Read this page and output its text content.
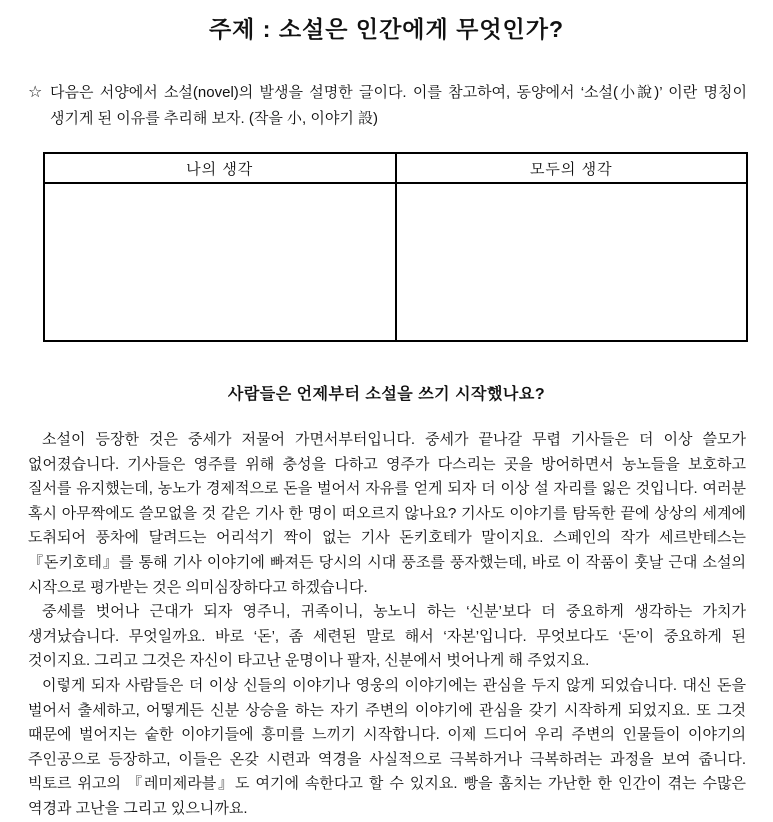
주제 : 소설은 인간에게 무엇인가?
☆ 다음은 서양에서 소설(novel)의 발생을 설명한 글이다. 이를 참고하여, 동양에서 ‘소설(小說)’ 이란 명칭이 생기게 된 이유를 추리해 보자. (작을 小, 이야기 設)
나의 생각	모두의 생각

사람들은 언제부터 소설을 쓰기 시작했나요?

소설이 등장한 것은 중세가 저물어 가면서부터입니다. 중세가 끝나갈 무렵 기사들은 더 이상 쓸모가 없어졌습니다. 기사들은 영주를 위해 충성을 다하고 영주가 다스리는 곳을 방어하면서 농노들을 보호하고 질서를 유지했는데, 농노가 경제적으로 돈을 벌어서 자유를 얻게 되자 더 이상 설 자리를 잃은 것입니다. 여러분 혹시 아무짝에도 쓸모없을 것 같은 기사 한 명이 떠오르지 않나요? 기사도 이야기를 탐독한 끝에 상상의 세계에 도취되어 풍차에 달려드는 어리석기 짝이 없는 기사 돈키호테가 말이지요. 스페인의 작가 세르반테스는 『돈키호테』를 통해 기사 이야기에 빠져든 당시의 시대 풍조를 풍자했는데, 바로 이 작품이 훗날 근대 소설의 시작으로 평가받는 것은 의미심장하다고 하겠습니다.

중세를 벗어나 근대가 되자 영주니, 귀족이니, 농노니 하는 ‘신분’보다 더 중요하게 생각하는 가치가 생겨났습니다. 무엇일까요. 바로 ‘돈’, 좀 세련된 말로 해서 ‘자본’입니다. 무엇보다도 ‘돈’이 중요하게 된 것이지요. 그리고 그것은 자신이 타고난 운명이나 팔자, 신분에서 벗어나게 해 주었지요.

이렇게 되자 사람들은 더 이상 신들의 이야기나 영웅의 이야기에는 관심을 두지 않게 되었습니다. 대신 돈을 벌어서 출세하고, 어떻게든 신분 상승을 하는 자기 주변의 이야기에 관심을 갖기 시작하게 되었지요. 또 그것 때문에 벌어지는 숱한 이야기들에 흥미를 느끼기 시작합니다. 이제 드디어 우리 주변의 인물들이 이야기의 주인공으로 등장하고, 이들은 온갖 시련과 역경을 사실적으로 극복하거나 극복하려는 과정을 보여 줍니다. 빅토르 위고의 『레미제라블』도 여기에 속한다고 할 수 있지요. 빵을 훔치는 가난한 한 인간이 겪는 수많은 역경과 고난을 그리고 있으니까요.
